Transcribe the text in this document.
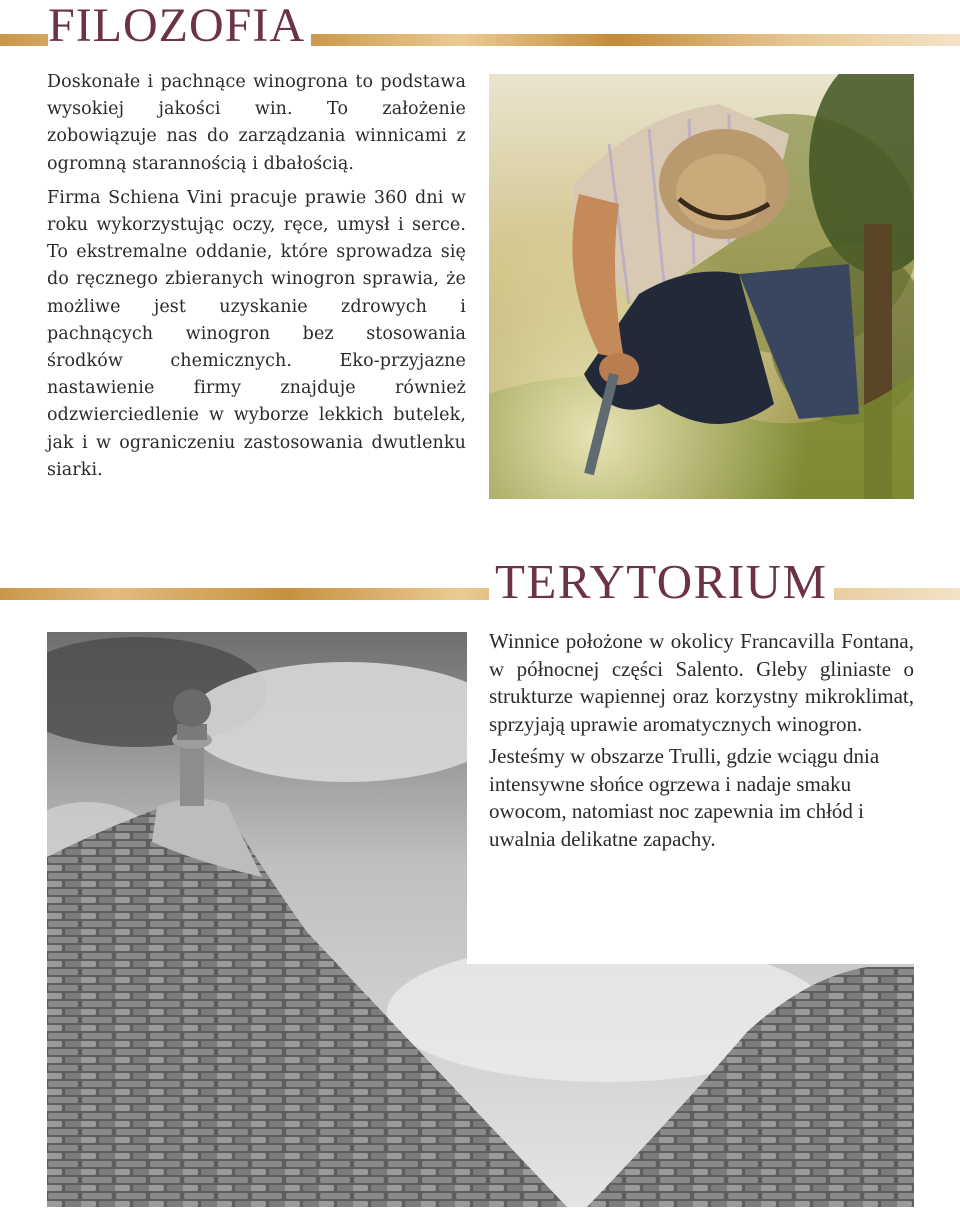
FILOZOFIA

Doskonałe i pachnące winogrona to podstawa wysokiej jakości win. To założenie zobowiązuje nas do zarządzania winnicami z ogromną starannością i dbałością.

Firma Schiena Vini pracuje prawie 360 dni w roku wykorzystując oczy, ręce, umysł i serce. To ekstremalne oddanie, które sprowadza się do ręcznego zbieranych winogron sprawia, że możliwe jest uzyskanie zdrowych i pachnących winogron bez stosowania środków chemicznych. Eko-przyjazne nastawienie firmy znajduje również odzwierciedlenie w wyborze lekkich butelek, jak i w ograniczeniu zastosowania dwutlenku siarki.

TERYTORIUM

Winnice położone w okolicy Francavilla Fontana, w północnej części Salento. Gleby gliniaste o strukturze wapiennej oraz korzystny mikroklimat, sprzyjają uprawie aromatycznych winogron.

Jesteśmy w obszarze Trulli, gdzie wciągu dnia intensywne słońce ogrzewa i nadaje smaku owocom, natomiast noc zapewnia im chłód i uwalnia delikatne zapachy.
